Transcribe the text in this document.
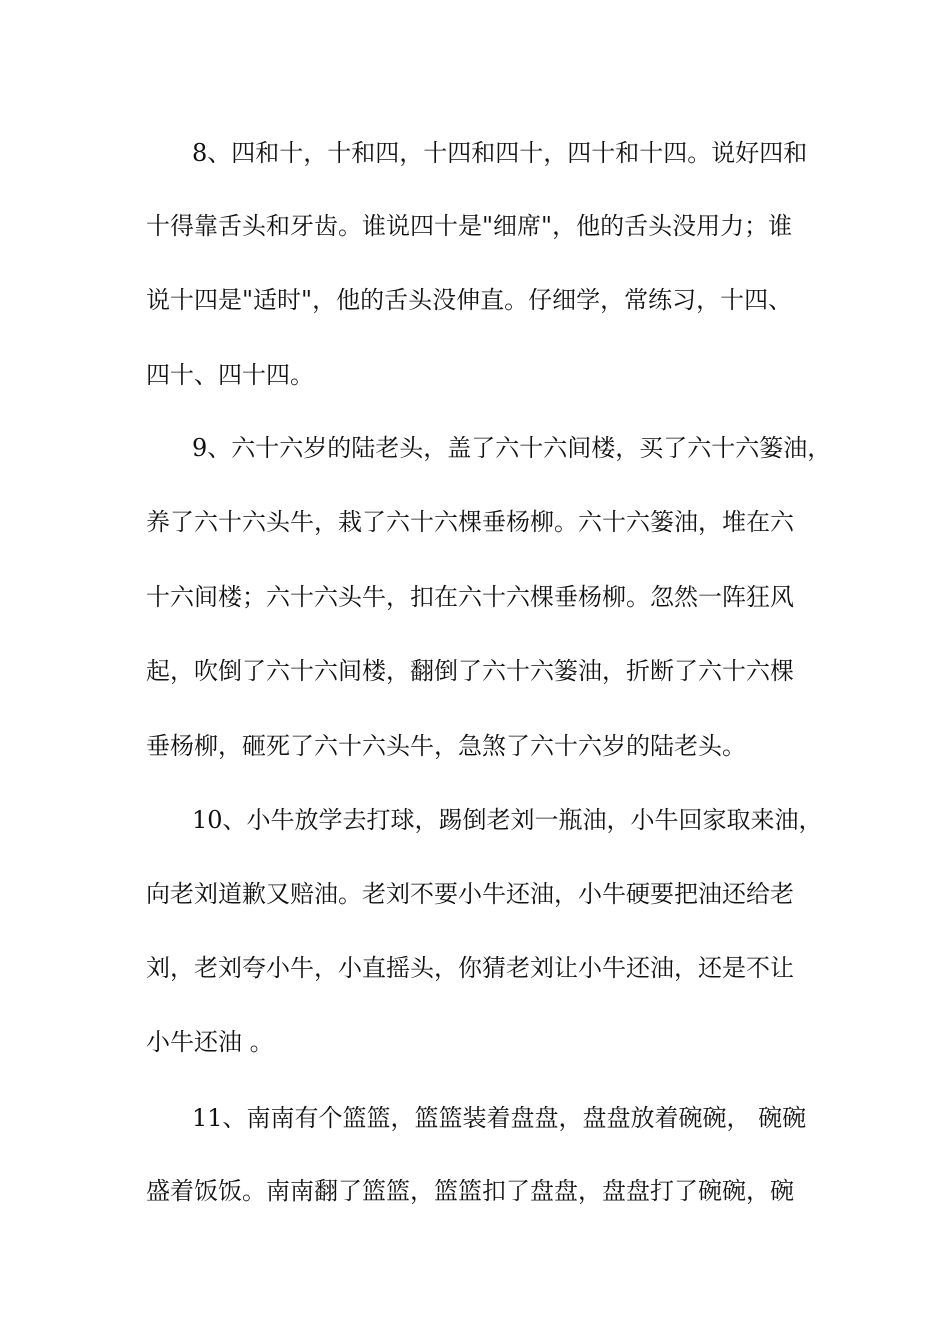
8、四和十，十和四，十四和四十，四十和十四。说好四和

十得靠舌头和牙齿。谁说四十是"细席"，他的舌头没用力；谁

说十四是"适时"，他的舌头没伸直。仔细学，常练习，十四、

四十、四十四。

9、六十六岁的陆老头，盖了六十六间楼，买了六十六篓油，

养了六十六头牛，栽了六十六棵垂杨柳。六十六篓油，堆在六

十六间楼；六十六头牛，扣在六十六棵垂杨柳。忽然一阵狂风

起，吹倒了六十六间楼，翻倒了六十六篓油，折断了六十六棵

垂杨柳，砸死了六十六头牛，急煞了六十六岁的陆老头。

10、小牛放学去打球，踢倒老刘一瓶油，小牛回家取来油，

向老刘道歉又赔油。老刘不要小牛还油，小牛硬要把油还给老

刘，老刘夸小牛，小直摇头，你猜老刘让小牛还油，还是不让

小牛还油 。

11、南南有个篮篮，篮篮装着盘盘，盘盘放着碗碗， 碗碗

盛着饭饭。南南翻了篮篮，篮篮扣了盘盘，盘盘打了碗碗，碗
